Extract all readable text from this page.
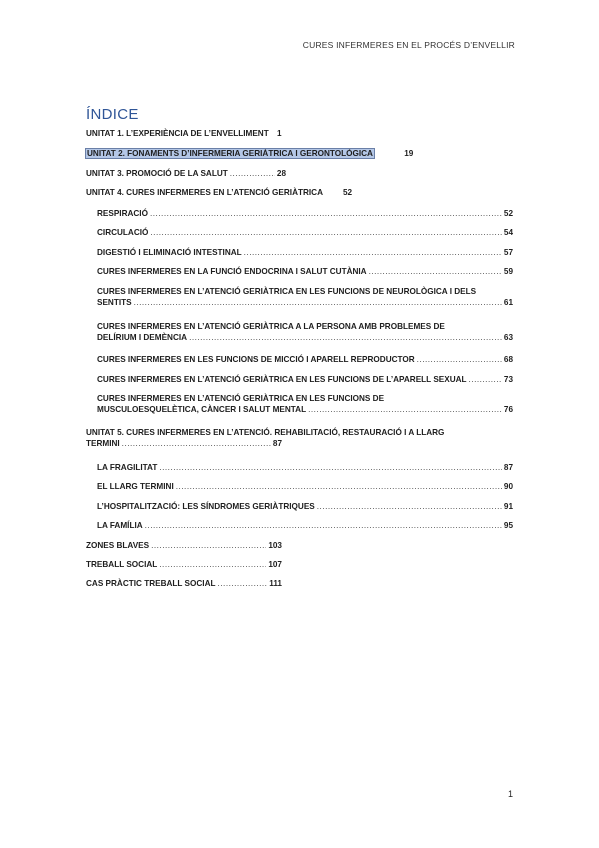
CURES INFERMERES EN EL PROCÉS D’ENVELLIR
ÍNDICE
UNITAT 1. L’EXPERIÈNCIA DE L’ENVELLIMENT 1
UNITAT 2. FONAMENTS D’INFERMERIA GERIÀTRICA I GERONTOLÒGICA	19
UNITAT 3. PROMOCIÓ DE LA SALUT .....	28
UNITAT 4. CURES INFERMERES EN L’ATENCIÓ GERIÀTRICA 52
RESPIRACIÓ .....	52
CIRCULACIÓ .....	54
DIGESTIÓ I ELIMINACIÓ INTESTINAL .....	57
CURES INFERMERES EN LA FUNCIÓ ENDOCRINA I SALUT CUTÀNIA .....	59
CURES INFERMERES EN L’ATENCIÓ GERIÀTRICA EN LES FUNCIONS DE NEUROLÒGICA I DELS
SENTITS .....	61
CURES INFERMERES EN L’ATENCIÓ GERIÀTRICA A LA PERSONA AMB PROBLEMES DE
DELÍRIUM I DEMÈNCIA .....	63
CURES INFERMERES EN LES FUNCIONS DE MICCIÓ I APARELL REPRODUCTOR .....	68
CURES INFERMERES EN L’ATENCIÓ GERIÀTRICA EN LES FUNCIONS DE L’APARELL SEXUAL .....	73
CURES INFERMERES EN L’ATENCIÓ GERIÀTRICA EN LES FUNCIONS DE
MUSCULOESQUELÈTICA, CÀNCER I SALUT MENTAL .....	76
UNITAT 5. CURES INFERMERES EN L’ATENCIÓ. REHABILITACIÓ, RESTAURACIÓ I A LLARG
TERMINI .....	87
LA FRAGILITAT .....	87
EL LLARG TERMINI .....	90
L’HOSPITALITZACIÓ: LES SÍNDROMES GERIÀTRIQUES .....	91
LA FAMÍLIA .....	95
ZONES BLAVES .....	103
TREBALL SOCIAL .....	107
CAS PRÀCTIC TREBALL SOCIAL .....	111
1
